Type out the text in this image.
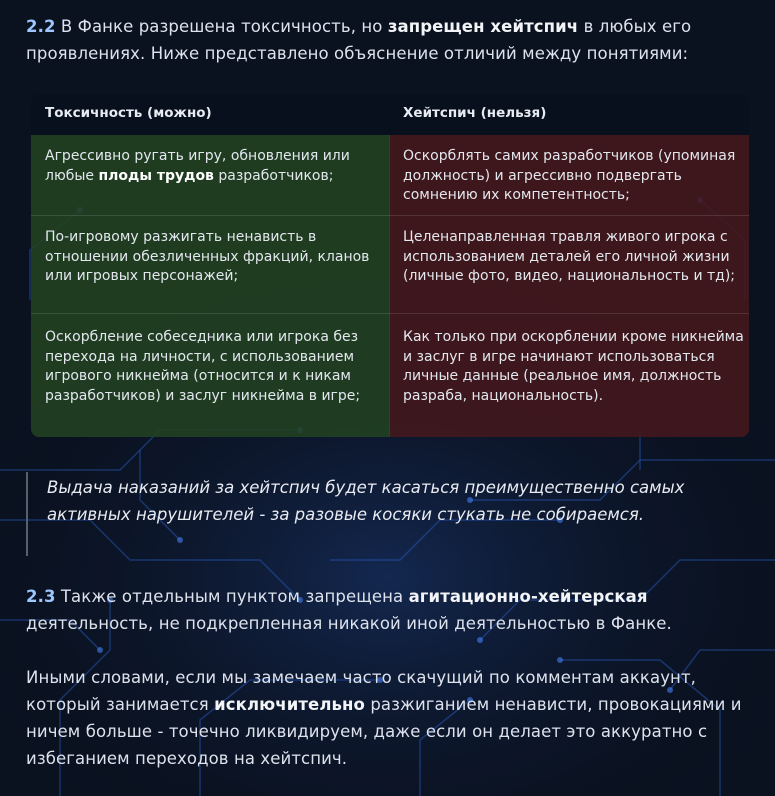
2.2 В Фанке разрешена токсичность, но запрещен хейтспич в любых его проявлениях. Ниже представлено объяснение отличий между понятиями:
Токсичность (можно)	Хейтспич (нельзя)
Агрессивно ругать игру, обновления или любые плоды трудов разработчиков;
Оскорблять самих разработчиков (упоминая должность) и агрессивно подвергать сомнению их компетентность;
По-игровому разжигать ненависть в отношении обезличенных фракций, кланов или игровых персонажей;
Целенаправленная травля живого игрока с использованием деталей его личной жизни (личные фото, видео, национальность и тд);
Оскорбление собеседника или игрока без перехода на личности, с использованием игрового никнейма (относится и к никам разработчиков) и заслуг никнейма в игре;
Как только при оскорблении кроме никнейма и заслуг в игре начинают использоваться личные данные (реальное имя, должность разраба, национальность).
Выдача наказаний за хейтспич будет касаться преимущественно самых активных нарушителей - за разовые косяки стукать не собираемся.
2.3 Также отдельным пунктом запрещена агитационно-хейтерская деятельность, не подкрепленная никакой иной деятельностью в Фанке.
Иными словами, если мы замечаем часто скачущий по комментам аккаунт, который занимается исключительно разжиганием ненависти, провокациями и ничем больше - точечно ликвидируем, даже если он делает это аккуратно с избеганием переходов на хейтспич.
